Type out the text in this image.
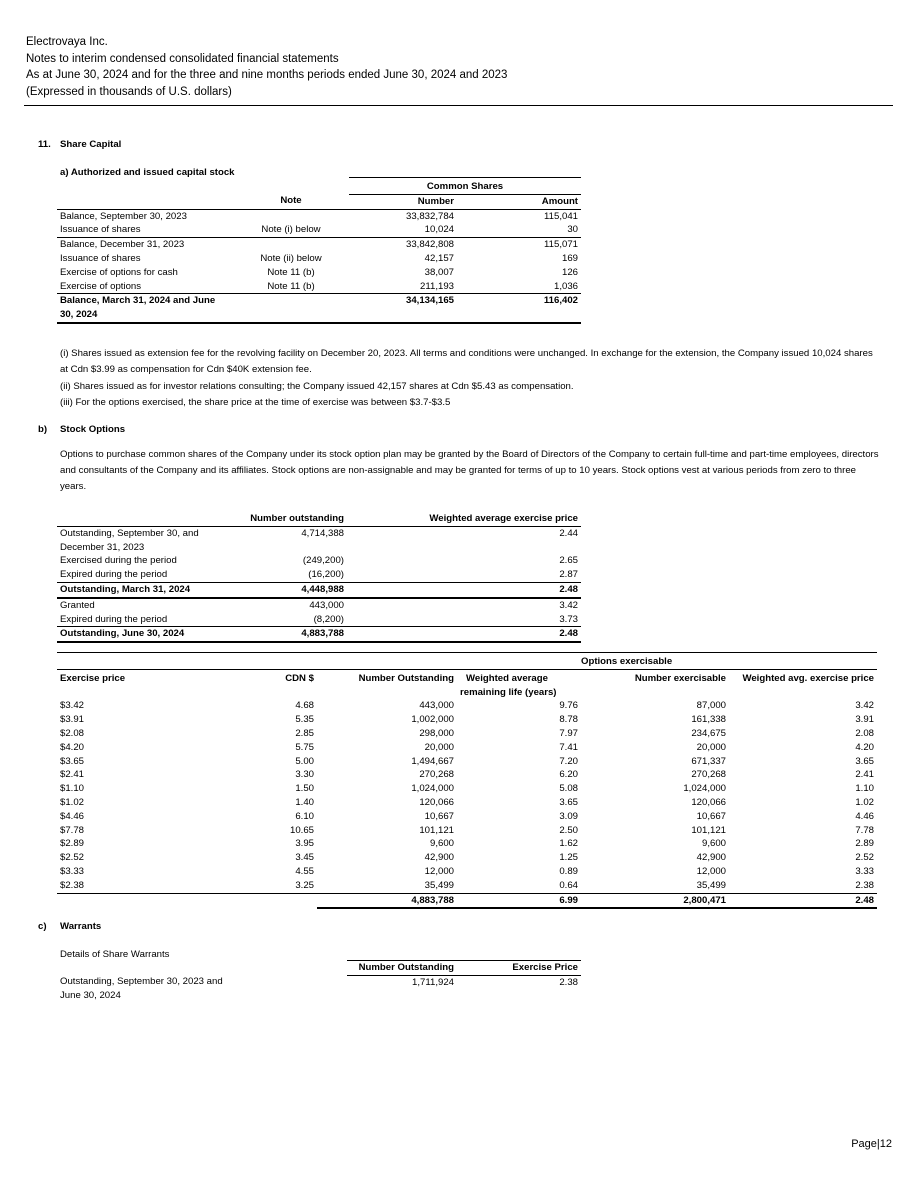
Electrovaya Inc.
Notes to interim condensed consolidated financial statements
As at June 30, 2024 and for the three and nine months periods ended June 30, 2024 and 2023
(Expressed in thousands of U.S. dollars)
11. Share Capital
a) Authorized and issued capital stock
		Common Shares	
	Note	Number	Amount
Balance, September 30, 2023		33,832,784	115,041
Issuance of shares	Note (i) below	10,024	30
Balance, December 31, 2023		33,842,808	115,071
Issuance of shares	Note (ii) below	42,157	169
Exercise of options for cash	Note 11 (b)	38,007	126
Exercise of options	Note 11 (b)	211,193	1,036

Balance, March 31, 2024 and June
30, 2024		34,134,165	116,402
(i) Shares issued as extension fee for the revolving facility on December 20, 2023. All terms and conditions were unchanged. In exchange for the extension, the Company issued 10,024 shares at Cdn $3.99 as compensation for Cdn $40K extension fee.
(ii) Shares issued as for investor relations consulting; the Company issued 42,157 shares at Cdn $5.43 as compensation.
(iii) For the options exercised, the share price at the time of exercise was between $3.7-$3.5
b) Stock Options
Options to purchase common shares of the Company under its stock option plan may be granted by the Board of Directors of the Company to certain full-time and part-time employees, directors and consultants of the Company and its affiliates. Stock options are non-assignable and may be granted for terms of up to 10 years. Stock options vest at various periods from zero to three years.
	Number outstanding	Weighted average exercise price

Outstanding, September 30, and
December 31, 2023	4,714,388	2.44
Exercised during the period	(249,200)	2.65
Expired during the period	(16,200)	2.87
Outstanding, March 31, 2024	4,448,988	2.48
Granted	443,000	3.42
Expired during the period	(8,200)	3.73
Outstanding, June 30, 2024	4,883,788	2.48

				Options exercisable	

Exercise price	CDN $	Number Outstanding	Weighted average
remaining life (years)	Number exercisable	Weighted avg. exercise price
$3.42	4.68	443,000	9.76	87,000	3.42
$3.91	5.35	1,002,000	8.78	161,338	3.91
$2.08	2.85	298,000	7.97	234,675	2.08
$4.20	5.75	20,000	7.41	20,000	4.20
$3.65	5.00	1,494,667	7.20	671,337	3.65
$2.41	3.30	270,268	6.20	270,268	2.41
$1.10	1.50	1,024,000	5.08	1,024,000	1.10
$1.02	1.40	120,066	3.65	120,066	1.02
$4.46	6.10	10,667	3.09	10,667	4.46
$7.78	10.65	101,121	2.50	101,121	7.78
$2.89	3.95	9,600	1.62	9,600	2.89
$2.52	3.45	42,900	1.25	42,900	2.52
$3.33	4.55	12,000	0.89	12,000	3.33
$2.38	3.25	35,499	0.64	35,499	2.38
		4,883,788	6.99	2,800,471	2.48
c) Warrants
Details of Share Warrants
	Number Outstanding	Exercise Price

Outstanding, September 30, 2023 and
June 30, 2024	1,711,924	2.38
Page|12
